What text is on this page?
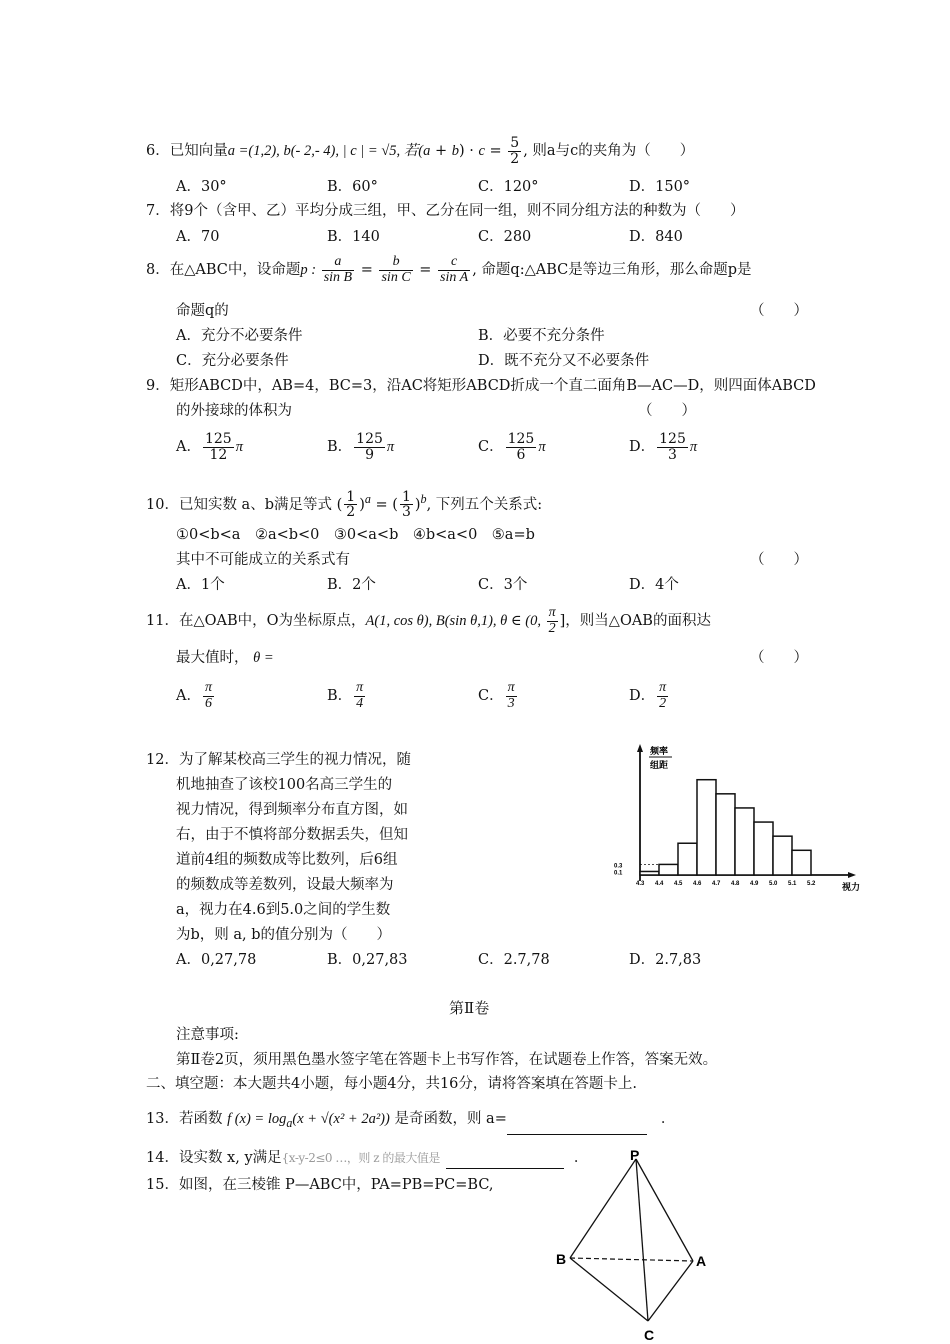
6．已知向量a =(1,2), b(- 2,- 4), | c | = √5, 若$(a + b) \cdot c = \frac{5}{2}$ , 则a与c的夹角为（　　）
A．30°	B．60°	C．120°	D．150°
7．将9个（含甲、乙）平均分成三组，甲、乙分在同一组，则不同分组方法的种数为（　　）
A．70	B．140	C．280	D．840
8．在△ABC中，设命题p : $\frac{a}{\text{sin B}} = \frac{b}{\text{sin C}} = \frac{c}{\text{sin A}}$ , 命题q:△ABC是等边三角形，那么命题p是
命题q的	（　　）
A．充分不必要条件	B．必要不充分条件
C．充分必要条件	D．既不充分又不必要条件
9．矩形ABCD中，AB=4，BC=3，沿AC将矩形ABCD折成一个直二面角B—AC—D，则四面体ABCD
的外接球的体积为	（　　）
A． $\frac{125}{12}$ π	B． $\frac{125}{9}$ π	C． $\frac{125}{6}$ π	D． $\frac{125}{3}$ π
10．已知实数 a、b满足等式 ( $\frac{1}{2} )^a$ = ( $\frac{1}{3} )^b$, 下列五个关系式:
①0<b<a　②a<b<0　③0<a<b　④b<a<0　⑤a=b
其中不可能成立的关系式有	（　　）
A．1个	B．2个	C．3个	D．4个
11．在△OAB中，O为坐标原点，A(1, cos θ), B(sin θ,1), θ ∈ (0, $\frac{\pi}{2}$ ]，则当△OAB的面积达
最大值时， θ =	（　　）
A． $\frac{\pi}{6}$	B． $\frac{\pi}{4}$	C． $\frac{\pi}{3}$	D． $\frac{\pi}{2}$
12．为了解某校高三学生的视力情况，随
机地抽查了该校100名高三学生的
视力情况，得到频率分布直方图，如
右，由于不慎将部分数据丢失，但知
道前4组的频数成等比数列，后6组
的频数成等差数列，设最大频率为
a，视力在4.6到5.0之间的学生数
为b，则 a, b的值分别为（　　）
A．0,27,78	B．0,27,83	C．2.7,78	D．2.7,83
0.3
0.1
4.3 4.4 4.5 4.6 4.7 4.8 4.9 5.0 5.1 5.2
频率
组距
视力
第Ⅱ卷
注意事项:
第Ⅱ卷2页，须用黑色墨水签字笔在答题卡上书写作答，在试题卷上作答，答案无效。
二、填空题：本大题共4小题，每小题4分，共16分，请将答案填在答题卡上.
13．若函数 f $(x) = \log_a(x + √(x^2 + 2a^2))$ 是奇函数，则 a=	．
14．设实数 x, y满足{x-y-2≤0 …，则 z 的最大值是	．
15．如图，在三棱锥 P—ABC中，PA=PB=PC=BC,
P
B	A
C
